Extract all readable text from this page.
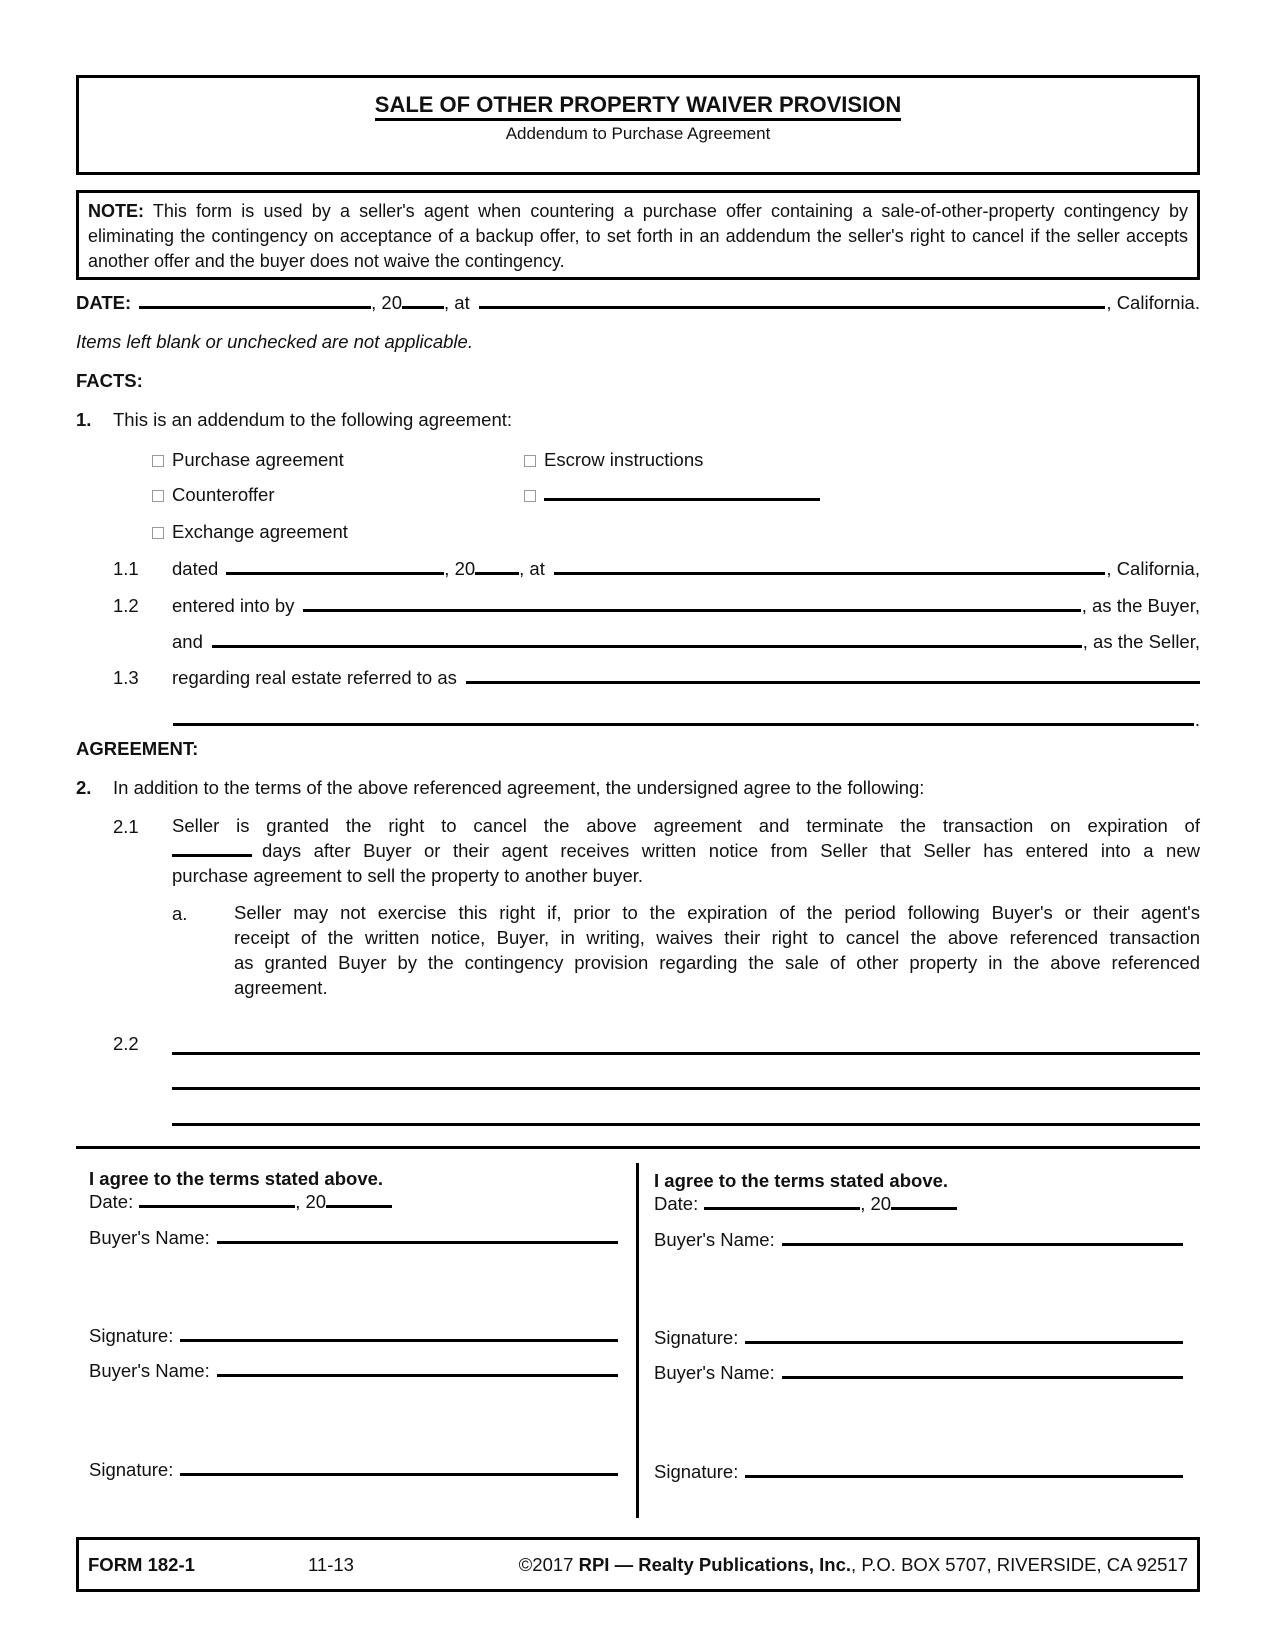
SALE OF OTHER PROPERTY WAIVER PROVISION
Addendum to Purchase Agreement
NOTE: This form is used by a seller's agent when countering a purchase offer containing a sale-of-other-property contingency by eliminating the contingency on acceptance of a backup offer, to set forth in an addendum the seller's right to cancel if the seller accepts another offer and the buyer does not waive the contingency.
DATE:	, 20 , at	, California.
Items left blank or unchecked are not applicable.
FACTS:
1. This is an addendum to the following agreement:
Purchase agreement	Escrow instructions
Counteroffer
Exchange agreement
1.1 dated	, 20 , at	, California,
1.2 entered into by	, as the Buyer,
and	, as the Seller,
1.3 regarding real estate referred to as
.
AGREEMENT:
2. In addition to the terms of the above referenced agreement, the undersigned agree to the following:
2.1 Seller is granted the right to cancel the above agreement and terminate the transaction on expiration of
days after Buyer or their agent receives written notice from Seller that Seller has entered into a new
purchase agreement to sell the property to another buyer.
a.	Seller may not exercise this right if, prior to the expiration of the period following Buyer's or their agent's
receipt of the written notice, Buyer, in writing, waives their right to cancel the above referenced transaction
as granted Buyer by the contingency provision regarding the sale of other property in the above referenced
agreement.
2.2
I agree to the terms stated above.
Date:	, 20
Buyer's Name:
Signature:
Buyer's Name:
Signature:
I agree to the terms stated above.
Date:	, 20
Buyer's Name:
Signature:
Buyer's Name:
Signature:
FORM 182-1	11-13	©2017 RPI — Realty Publications, Inc., P.O. BOX 5707, RIVERSIDE, CA 92517
